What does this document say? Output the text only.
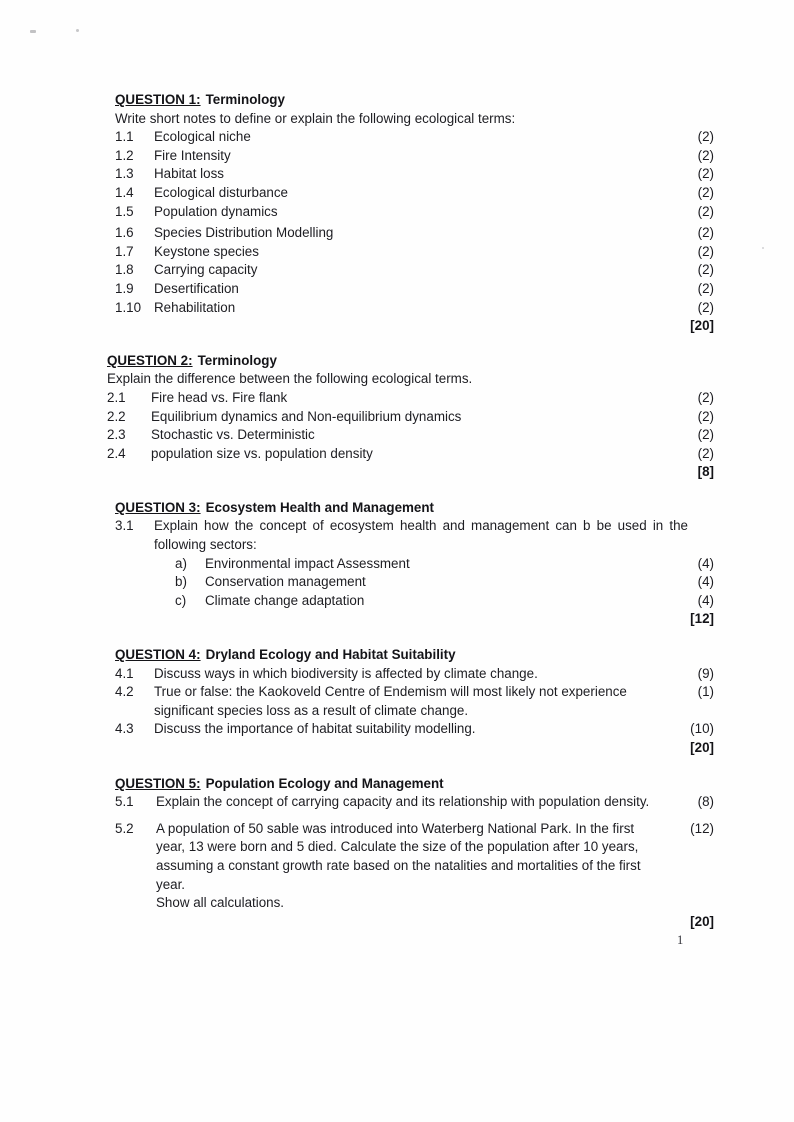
QUESTION 1: Terminology
Write short notes to define or explain the following ecological terms:
1.1	Ecological niche	(2)
1.2	Fire Intensity	(2)
1.3	Habitat loss	(2)
1.4	Ecological disturbance	(2)
1.5	Population dynamics	(2)
1.6	Species Distribution Modelling	(2)
1.7	Keystone species	(2)
1.8	Carrying capacity	(2)
1.9	Desertification	(2)
1.10 Rehabilitation	(2)
[20]
QUESTION 2: Terminology
Explain the difference between the following ecological terms.
2.1	Fire head vs. Fire flank	(2)
2.2	Equilibrium dynamics and Non-equilibrium dynamics	(2)
2.3	Stochastic vs. Deterministic	(2)
2.4	population size vs. population density	(2)
[8]
QUESTION 3: Ecosystem Health and Management
3.1	Explain how the concept of ecosystem health and management can b be used in the following sectors:
a)	Environmental impact Assessment	(4)
b)	Conservation management	(4)
c)	Climate change adaptation	(4)
[12]
QUESTION 4: Dryland Ecology and Habitat Suitability
4.1	Discuss ways in which biodiversity is affected by climate change.	(9)
4.2	True or false: the Kaokoveld Centre of Endemism will most likely not experience significant species loss as a result of climate change.
(1)
4.3	Discuss the importance of habitat suitability modelling.	(10)
[20]
QUESTION 5: Population Ecology and Management
5.1	Explain the concept of carrying capacity and its relationship with population density.	(8)
5.2	A population of 50 sable was introduced into Waterberg National Park. In the first year, 13 were born and 5 died. Calculate the size of the population after 10 years, assuming a constant growth rate based on the natalities and mortalities of the first year.
(12)
Show all calculations.
[20]
1
